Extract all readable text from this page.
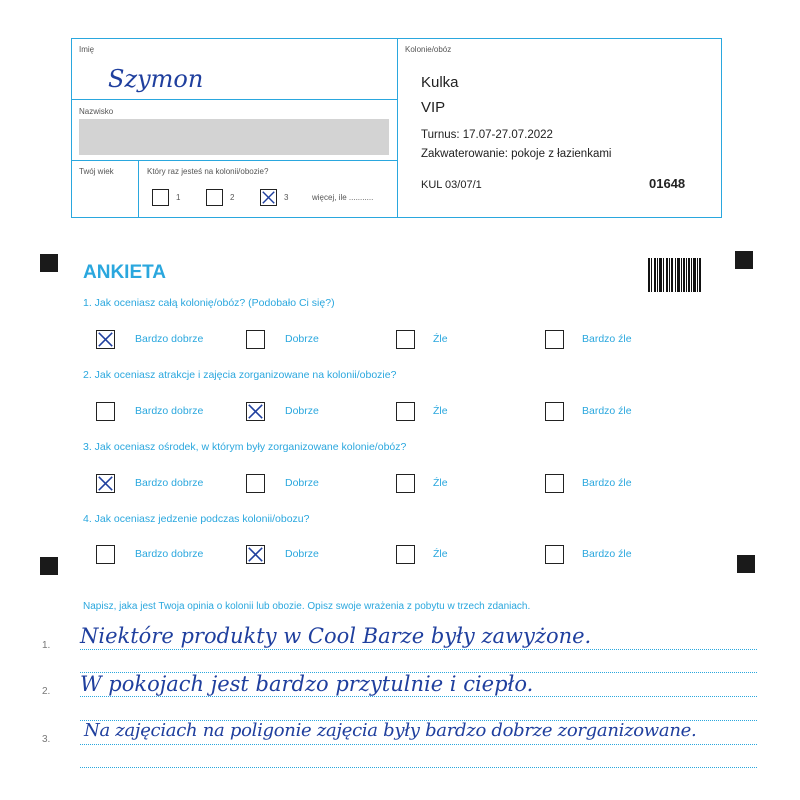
Imię
Szymon
Nazwisko
Twój wiek	Który raz jesteś na kolonii/obozie?
1	2	3	więcej, ile ...........
Kolonie/obóz
Kulka
VIP
Turnus: 17.07-27.07.2022
Zakwaterowanie: pokoje z łazienkami
KUL 03/07/1	01648
ANKIETA
1. Jak oceniasz całą kolonię/obóz? (Podobało Ci się?)
Bardzo dobrze	Dobrze	Źle	Bardzo źle
2. Jak oceniasz atrakcje i zajęcia zorganizowane na kolonii/obozie?
Bardzo dobrze	Dobrze	Źle	Bardzo źle
3. Jak oceniasz ośrodek, w którym były zorganizowane kolonie/obóz?
Bardzo dobrze	Dobrze	Źle	Bardzo źle
4. Jak oceniasz jedzenie podczas kolonii/obozu?
Bardzo dobrze	Dobrze	Źle	Bardzo źle
Napisz, jaka jest Twoja opinia o kolonii lub obozie. Opisz swoje wrażenia z pobytu w trzech zdaniach.
1.
2.
3.
Niektóre produkty w Cool Barze były zawyżone.
W pokojach jest bardzo przytulnie i ciepło.
Na zajęciach na poligonie zajęcia były bardzo dobrze zorganizowane.
